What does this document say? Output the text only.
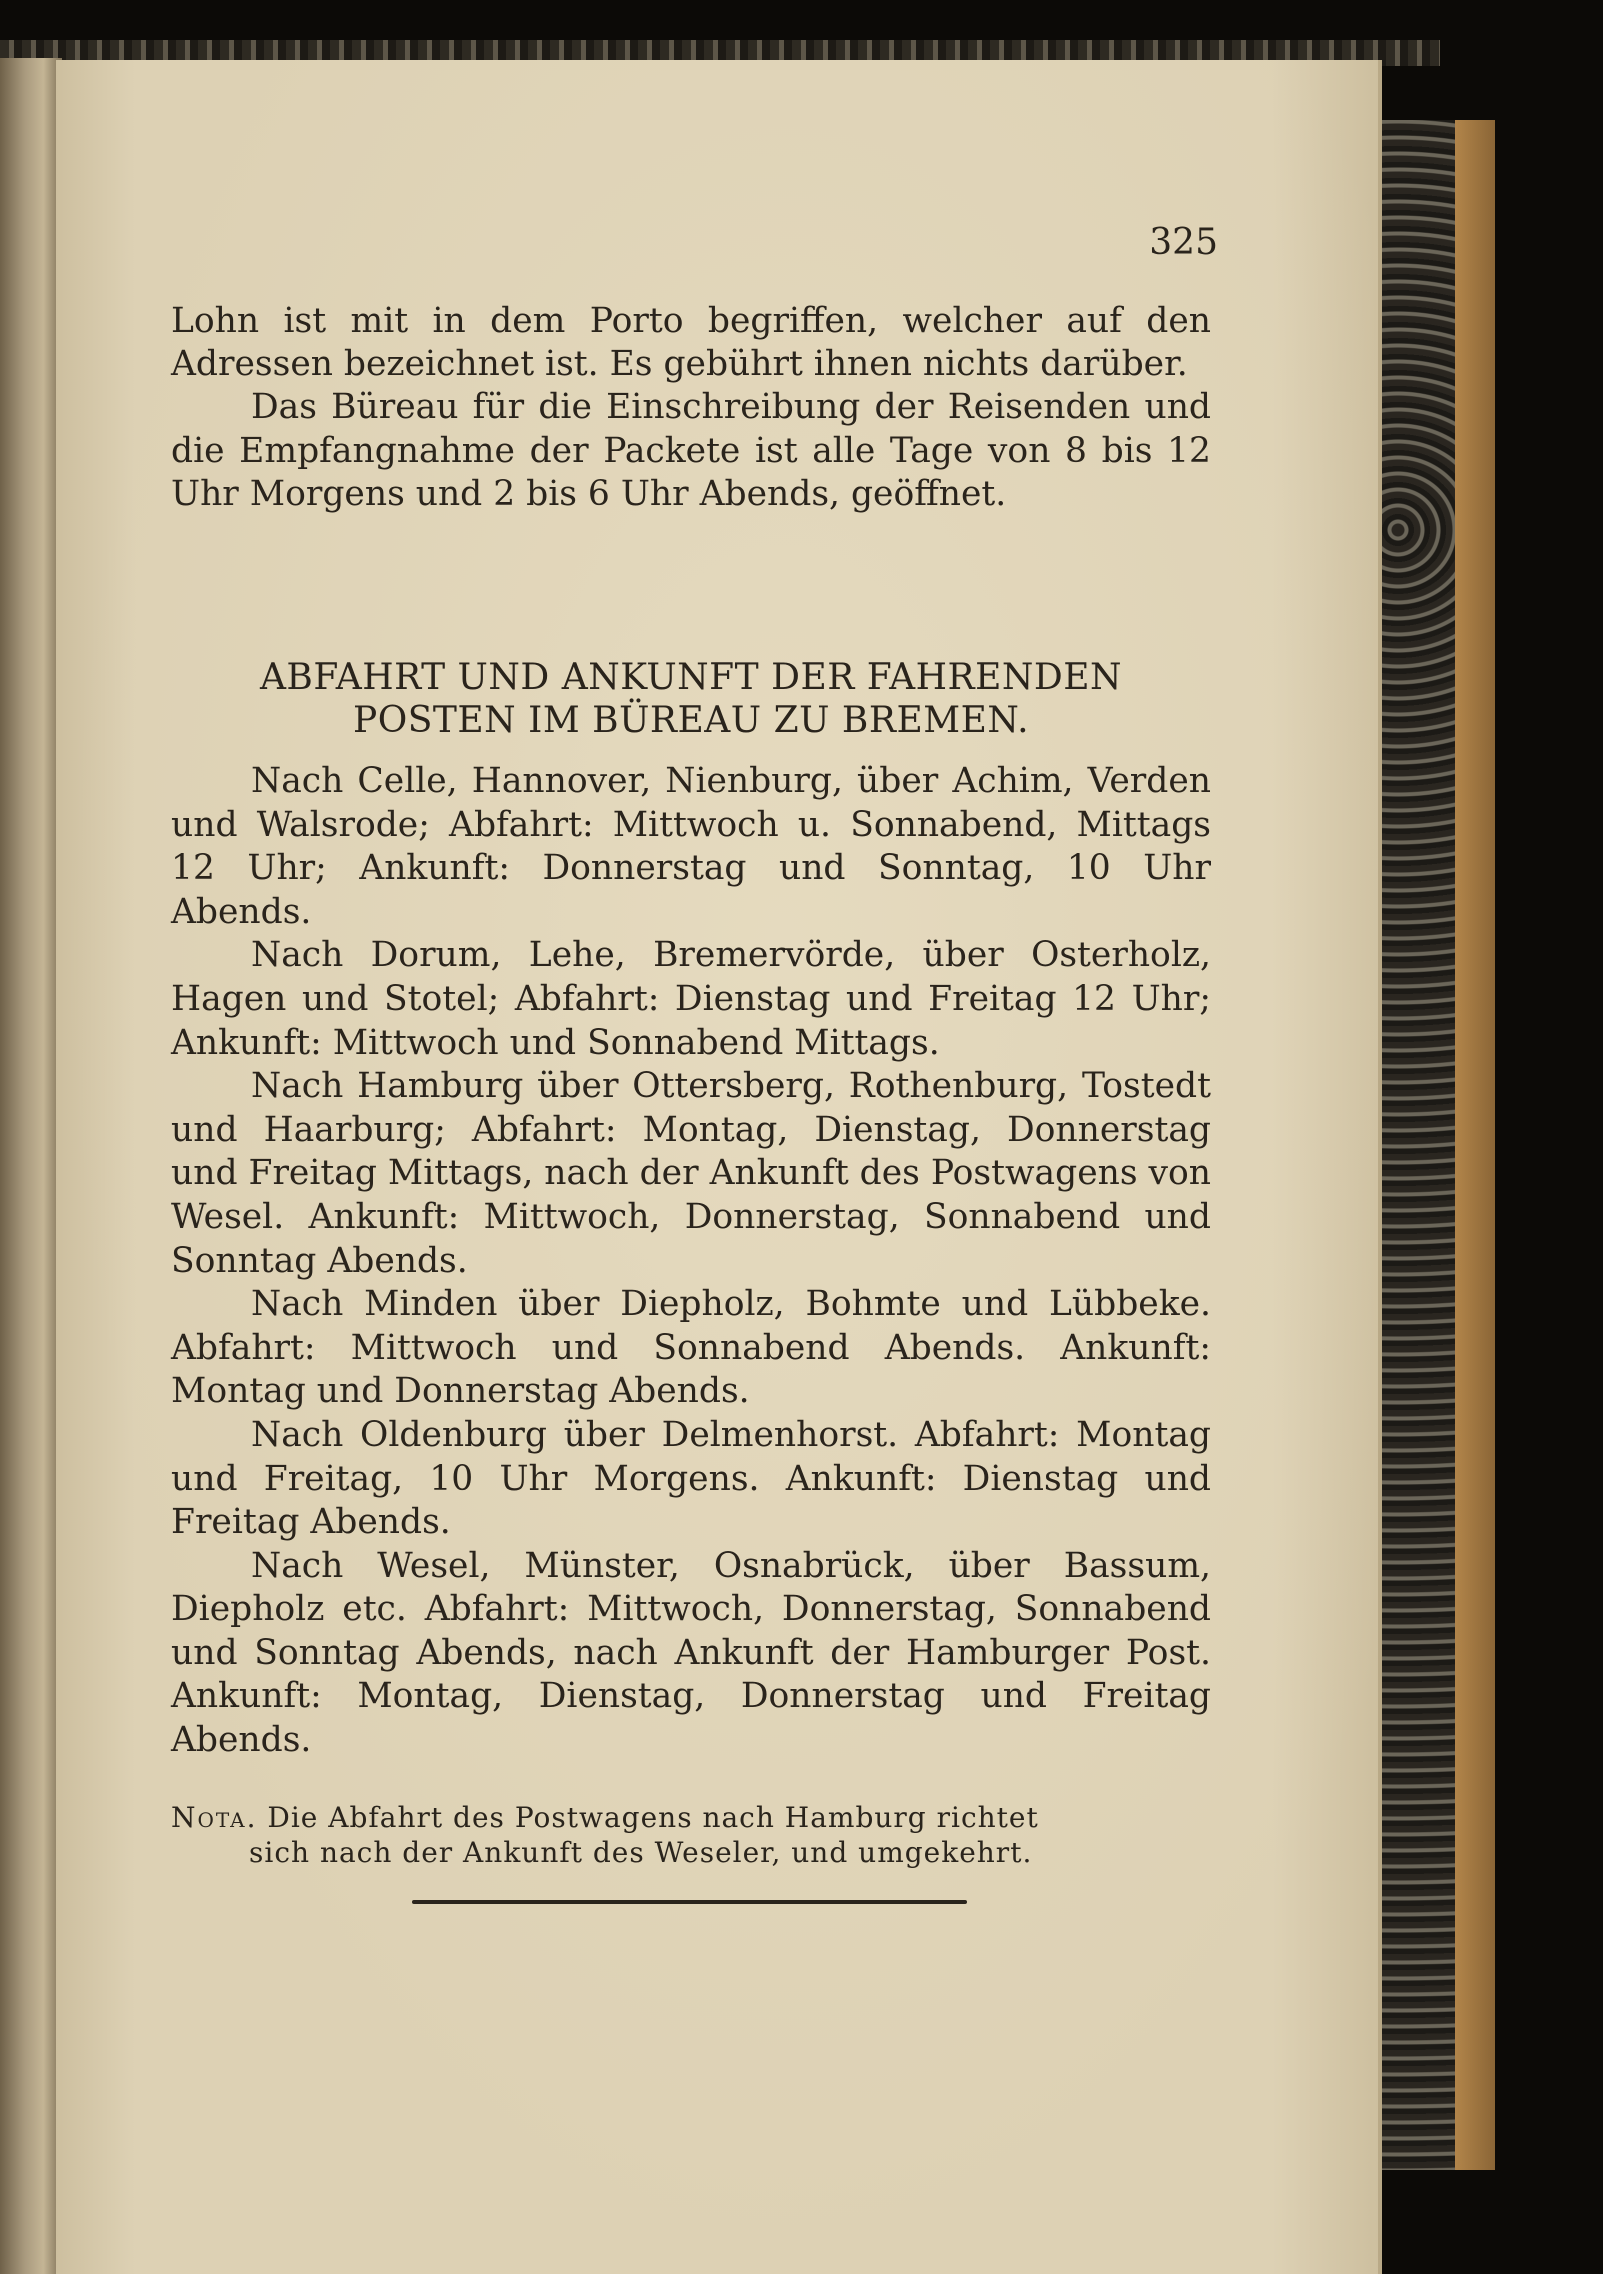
325

Lohn ist mit in dem Porto begriffen, welcher auf den Adressen bezeichnet ist. Es gebührt ihnen nichts darüber.

Das Büreau für die Einschreibung der Reisenden und die Empfangnahme der Packete ist alle Tage von 8 bis 12 Uhr Morgens und 2 bis 6 Uhr Abends, geöffnet.

ABFAHRT UND ANKUNFT DER FAHRENDEN
POSTEN IM BÜREAU ZU BREMEN.

Nach Celle, Hannover, Nienburg, über Achim, Verden und Walsrode; Abfahrt: Mittwoch u. Sonnabend, Mittags 12 Uhr; Ankunft: Donnerstag und Sonntag, 10 Uhr Abends.

Nach Dorum, Lehe, Bremervörde, über Osterholz, Hagen und Stotel; Abfahrt: Dienstag und Freitag 12 Uhr; Ankunft: Mittwoch und Sonnabend Mittags.

Nach Hamburg über Ottersberg, Rothenburg, Tostedt und Haarburg; Abfahrt: Montag, Dienstag, Donnerstag und Freitag Mittags, nach der Ankunft des Postwagens von Wesel. Ankunft: Mittwoch, Donnerstag, Sonnabend und Sonntag Abends.

Nach Minden über Diepholz, Bohmte und Lübbeke. Abfahrt: Mittwoch und Sonnabend Abends. Ankunft: Montag und Donnerstag Abends.

Nach Oldenburg über Delmenhorst. Abfahrt: Montag und Freitag, 10 Uhr Morgens. Ankunft: Dienstag und Freitag Abends.

Nach Wesel, Münster, Osnabrück, über Bassum, Diepholz etc. Abfahrt: Mittwoch, Donnerstag, Sonnabend und Sonntag Abends, nach Ankunft der Hamburger Post. Ankunft: Montag, Dienstag, Donnerstag und Freitag Abends.

Nota. Die Abfahrt des Postwagens nach Hamburg richtet
sich nach der Ankunft des Weseler, und umgekehrt.
